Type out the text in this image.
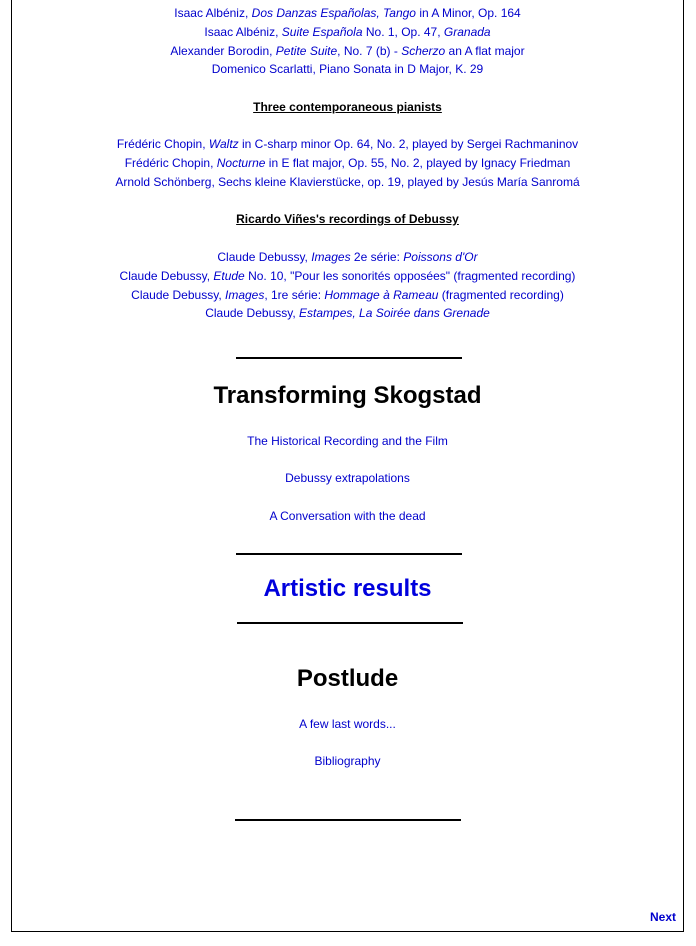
Isaac Albéniz, Dos Danzas Españolas, Tango in A Minor, Op. 164
Isaac Albéniz, Suite Española No. 1, Op. 47, Granada
Alexander Borodin, Petite Suite, No. 7 (b) - Scherzo an A flat major
Domenico Scarlatti, Piano Sonata in D Major, K. 29
Three contemporaneous pianists
Frédéric Chopin, Waltz in C-sharp minor Op. 64, No. 2, played by Sergei Rachmaninov
Frédéric Chopin, Nocturne in E flat major, Op. 55, No. 2, played by Ignacy Friedman
Arnold Schönberg, Sechs kleine Klavierstücke, op. 19, played by Jesús María Sanromá
Ricardo Viñes's recordings of Debussy
Claude Debussy, Images 2e série: Poissons d'Or
Claude Debussy, Etude No. 10, "Pour les sonorités opposées" (fragmented recording)
Claude Debussy, Images, 1re série: Hommage à Rameau (fragmented recording)
Claude Debussy, Estampes, La Soirée dans Grenade
Transforming Skogstad
The Historical Recording and the Film
Debussy extrapolations
A Conversation with the dead
Artistic results
Postlude
A few last words...
Bibliography
Next
